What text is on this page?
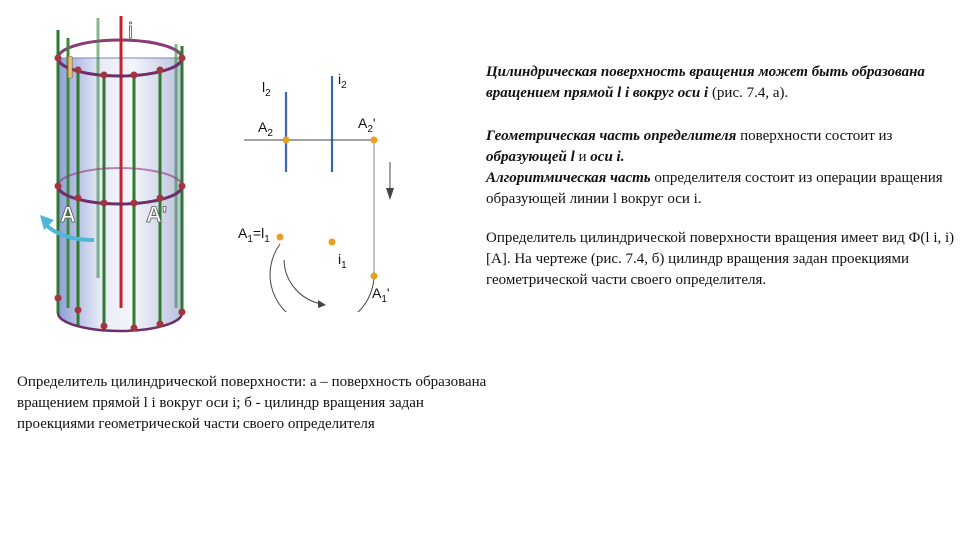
l
i
A	A'
$l_2$
$i_2$
$A_2$
$A_2'$
$A_1=l_1$
$i_1$
$A_1'$

Цилиндрическая поверхность вращения может быть образована вращением прямой l i вокруг оси i (рис. 7.4, а).

Геометрическая часть определителя поверхности состоит из образующей l и оси i.
Алгоритмическая часть определителя состоит из операции вращения образующей линии l вокруг оси i.

Определитель цилиндрической поверхности вращения имеет вид Ф(l i, i) [A]. На чертеже (рис. 7.4, б) цилиндр вращения задан проекциями геометрической части своего определителя.

Определитель цилиндрической поверхности: а – поверхность образована вращением прямой l i вокруг оси i; б - цилиндр вращения задан проекциями геометрической части своего определителя
